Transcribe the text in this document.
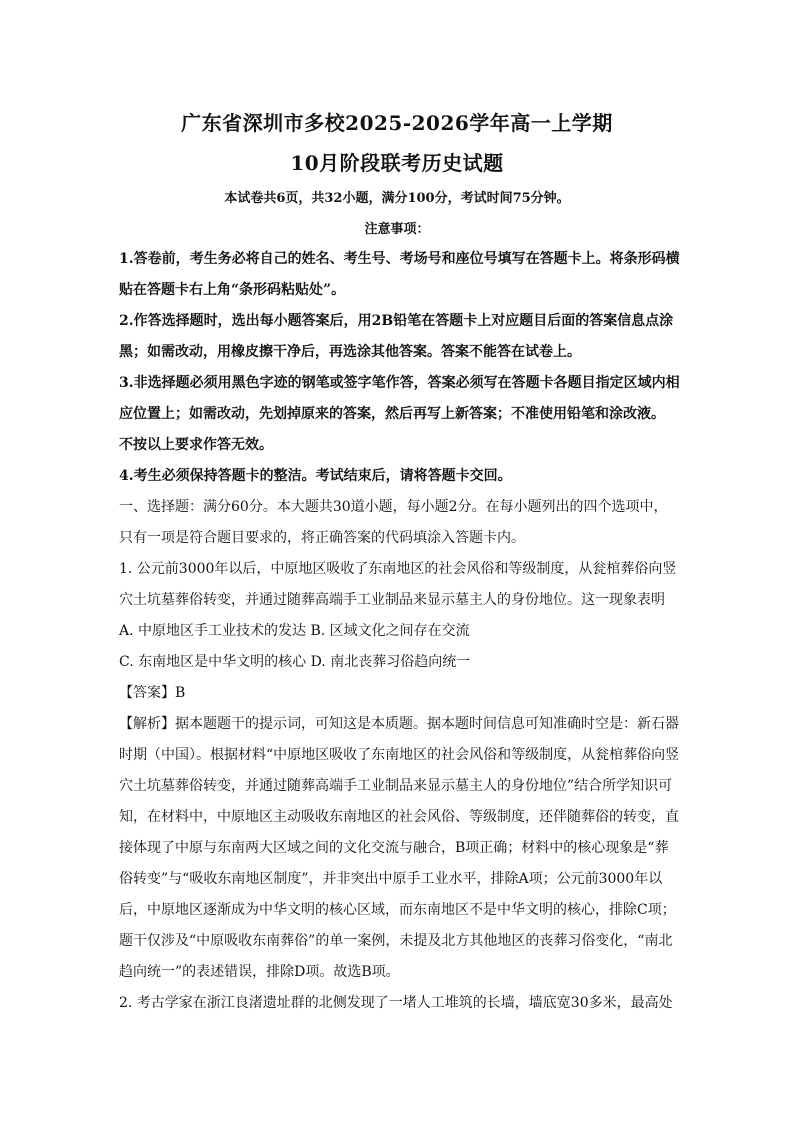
广东省深圳市多校2025-2026学年高一上学期
10月阶段联考历史试题
本试卷共6页，共32小题，满分100分，考试时间75分钟。
注意事项：
1.答卷前，考生务必将自己的姓名、考生号、考场号和座位号填写在答题卡上。将条形码横
贴在答题卡右上角“条形码粘贴处”。
2.作答选择题时，选出每小题答案后，用2B铅笔在答题卡上对应题目后面的答案信息点涂
黑；如需改动，用橡皮擦干净后，再选涂其他答案。答案不能答在试卷上。
3.非选择题必须用黑色字迹的钢笔或签字笔作答，答案必须写在答题卡各题目指定区域内相
应位置上；如需改动，先划掉原来的答案，然后再写上新答案；不准使用铅笔和涂改液。
不按以上要求作答无效。
4.考生必须保持答题卡的整洁。考试结束后，请将答题卡交回。
一、选择题：满分60分。本大题共30道小题，每小题2分。在每小题列出的四个选项中，
只有一项是符合题目要求的，将正确答案的代码填涂入答题卡内。
1. 公元前3000年以后，中原地区吸收了东南地区的社会风俗和等级制度，从瓮棺葬俗向竖
穴土坑墓葬俗转变，并通过随葬高端手工业制品来显示墓主人的身份地位。这一现象表明
A. 中原地区手工业技术的发达 B. 区域文化之间存在交流
C. 东南地区是中华文明的核心 D. 南北丧葬习俗趋向统一
【答案】B
【解析】据本题题干的提示词，可知这是本质题。据本题时间信息可知准确时空是：新石器
时期（中国）。根据材料“中原地区吸收了东南地区的社会风俗和等级制度，从瓮棺葬俗向竖
穴土坑墓葬俗转变，并通过随葬高端手工业制品来显示墓主人的身份地位”结合所学知识可
知，在材料中，中原地区主动吸收东南地区的社会风俗、等级制度，还伴随葬俗的转变，直
接体现了中原与东南两大区域之间的文化交流与融合，B项正确；材料中的核心现象是“葬
俗转变”与“吸收东南地区制度”，并非突出中原手工业水平，排除A项；公元前3000年以
后，中原地区逐渐成为中华文明的核心区域，而东南地区不是中华文明的核心，排除C项；
题干仅涉及“中原吸收东南葬俗”的单一案例，未提及北方其他地区的丧葬习俗变化，“南北
趋向统一”的表述错误，排除D项。故选B项。
2. 考古学家在浙江良渚遗址群的北侧发现了一堵人工堆筑的长墙，墙底宽30多米，最高处
